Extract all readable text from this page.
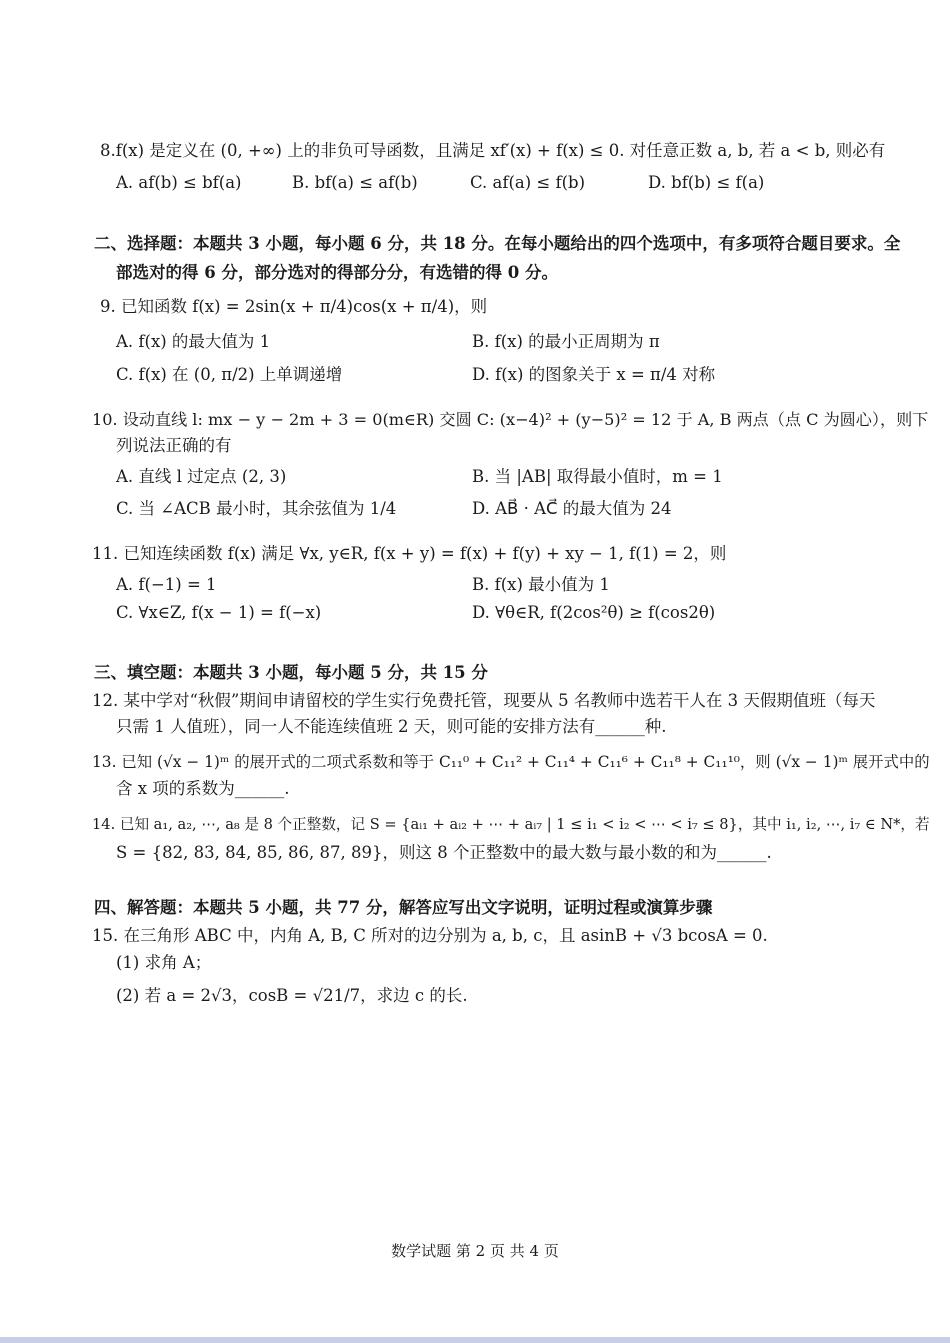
8.f(x) 是定义在 (0, +∞) 上的非负可导函数，且满足 xf′(x) + f(x) ≤ 0. 对任意正数 a, b, 若 a < b, 则必有
A. af(b) ≤ bf(a)	B. bf(a) ≤ af(b)	C. af(a) ≤ f(b)	D. bf(b) ≤ f(a)
二、选择题：本题共 3 小题，每小题 6 分，共 18 分。在每小题给出的四个选项中，有多项符合题目要求。全
部选对的得 6 分，部分选对的得部分分，有选错的得 0 分。
9. 已知函数 f(x) = 2sin(x + π/4)cos(x + π/4)，则
A. f(x) 的最大值为 1	B. f(x) 的最小正周期为 π
C. f(x) 在 (0, π/2) 上单调递增	D. f(x) 的图象关于 x = π/4 对称
10. 设动直线 l: mx − y − 2m + 3 = 0(m∈R) 交圆 C: (x−4)² + (y−5)² = 12 于 A, B 两点（点 C 为圆心），则下
列说法正确的有
A. 直线 l 过定点 (2, 3)	B. 当 |AB| 取得最小值时，m = 1
C. 当 ∠ACB 最小时，其余弦值为 1/4	D. AB⃗ · AC⃗ 的最大值为 24
11. 已知连续函数 f(x) 满足 ∀x, y∈R, f(x + y) = f(x) + f(y) + xy − 1, f(1) = 2，则
A. f(−1) = 1	B. f(x) 最小值为 1
C. ∀x∈Z, f(x − 1) = f(−x)	D. ∀θ∈R, f(2cos²θ) ≥ f(cos2θ)
三、填空题：本题共 3 小题，每小题 5 分，共 15 分
12. 某中学对“秋假”期间申请留校的学生实行免费托管，现要从 5 名教师中选若干人在 3 天假期值班（每天
只需 1 人值班），同一人不能连续值班 2 天，则可能的安排方法有______种.
13. 已知 (√x − 1)ᵐ 的展开式的二项式系数和等于 C₁₁⁰ + C₁₁² + C₁₁⁴ + C₁₁⁶ + C₁₁⁸ + C₁₁¹⁰，则 (√x − 1)ᵐ 展开式中的
含 x 项的系数为______.
14. 已知 a₁, a₂, ⋯, a₈ 是 8 个正整数，记 S = {aᵢ₁ + aᵢ₂ + ⋯ + aᵢ₇ | 1 ≤ i₁ < i₂ < ⋯ < i₇ ≤ 8}，其中 i₁, i₂, ⋯, i₇ ∈ N*，若
S = {82, 83, 84, 85, 86, 87, 89}，则这 8 个正整数中的最大数与最小数的和为______.
四、解答题：本题共 5 小题，共 77 分，解答应写出文字说明，证明过程或演算步骤
15. 在三角形 ABC 中，内角 A, B, C 所对的边分别为 a, b, c，且 asinB + √3 bcosA = 0.
(1) 求角 A；
(2) 若 a = 2√3，cosB = √21/7，求边 c 的长.
数学试题 第 2 页 共 4 页
